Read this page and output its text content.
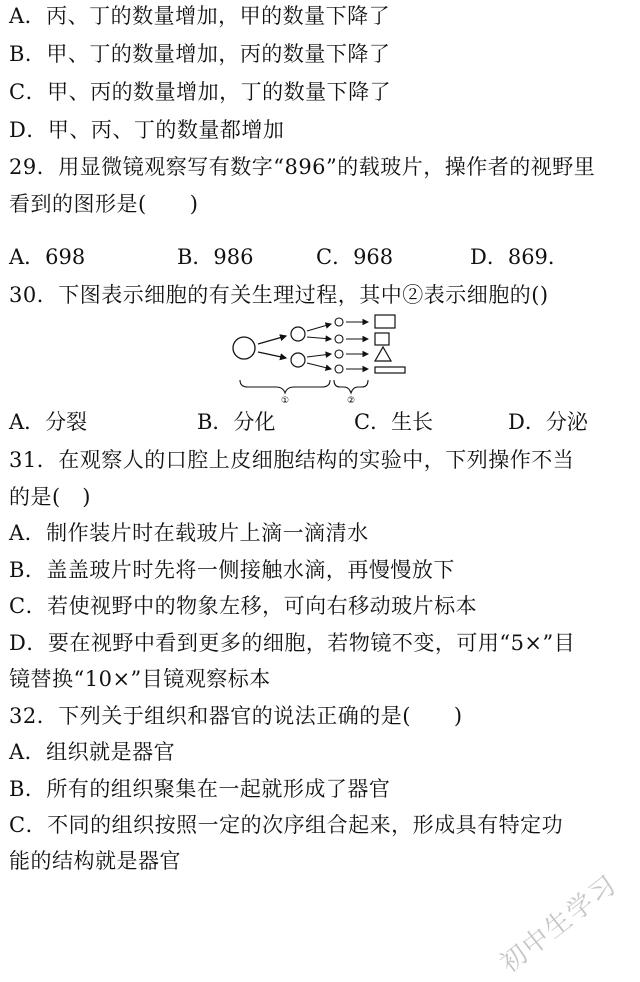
A．丙、丁的数量增加，甲的数量下降了
B．甲、丁的数量增加，丙的数量下降了
C．甲、丙的数量增加，丁的数量下降了
D．甲、丙、丁的数量都增加
29．用显微镜观察写有数字“896”的载玻片，操作者的视野里
看到的图形是(　　)
A．698	B．986	C．968	D．869．
30．下图表示细胞的有关生理过程，其中②表示细胞的()
①	②
A．分裂	B．分化	C．生长	D．分泌
31．在观察人的口腔上皮细胞结构的实验中，下列操作不当
的是(　)
A．制作装片时在载玻片上滴一滴清水
B．盖盖玻片时先将一侧接触水滴，再慢慢放下
C．若使视野中的物象左移，可向右移动玻片标本
D．要在视野中看到更多的细胞，若物镜不变，可用“5×”目
镜替换“10×”目镜观察标本
32．下列关于组织和器官的说法正确的是(　　)
A．组织就是器官
B．所有的组织聚集在一起就形成了器官
C．不同的组织按照一定的次序组合起来，形成具有特定功
能的结构就是器官
初中生学习
